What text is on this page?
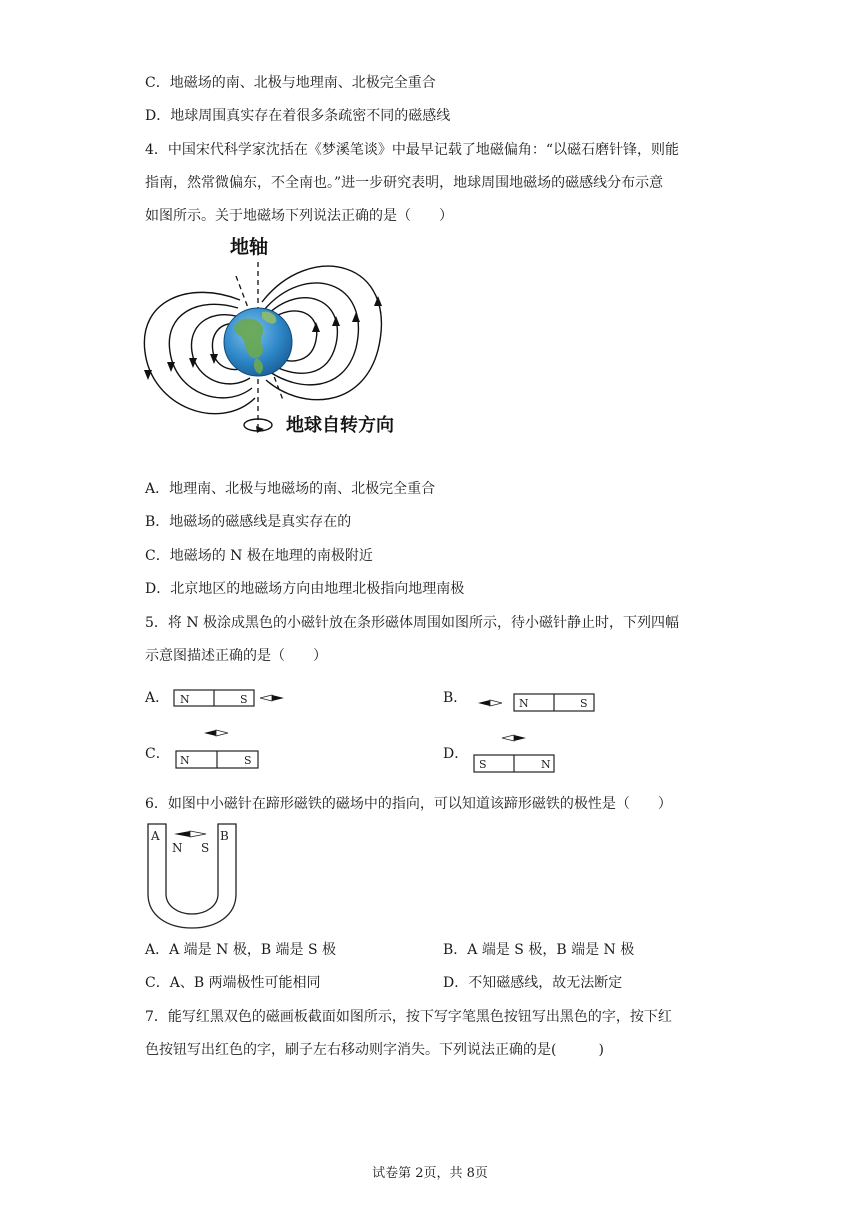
C．地磁场的南、北极与地理南、北极完全重合
D．地球周围真实存在着很多条疏密不同的磁感线
4．中国宋代科学家沈括在《梦溪笔谈》中最早记载了地磁偏角：“以磁石磨针锋，则能
指南，然常微偏东，不全南也。”进一步研究表明，地球周围地磁场的磁感线分布示意
如图所示。关于地磁场下列说法正确的是（　　）
地轴
地球自转方向
A．地理南、北极与地磁场的南、北极完全重合
B．地磁场的磁感线是真实存在的
C．地磁场的 N 极在地理的南极附近
D．北京地区的地磁场方向由地理北极指向地理南极
5．将 N 极涂成黑色的小磁针放在条形磁体周围如图所示，待小磁针静止时，下列四幅
示意图描述正确的是（　　）
A． N	S	B．	N	S
C． N	S	D．
S	N
6．如图中小磁针在蹄形磁铁的磁场中的指向，可以知道该蹄形磁铁的极性是（　　）
A	B
N S
A．A 端是 N 极，B 端是 S 极	B．A 端是 S 极，B 端是 N 极
C．A、B 两端极性可能相同	D．不知磁感线，故无法断定
7．能写红黑双色的磁画板截面如图所示，按下写字笔黑色按钮写出黑色的字，按下红
色按钮写出红色的字，刷子左右移动则字消失。下列说法正确的是(　　　)
试卷第 2页，共 8页
